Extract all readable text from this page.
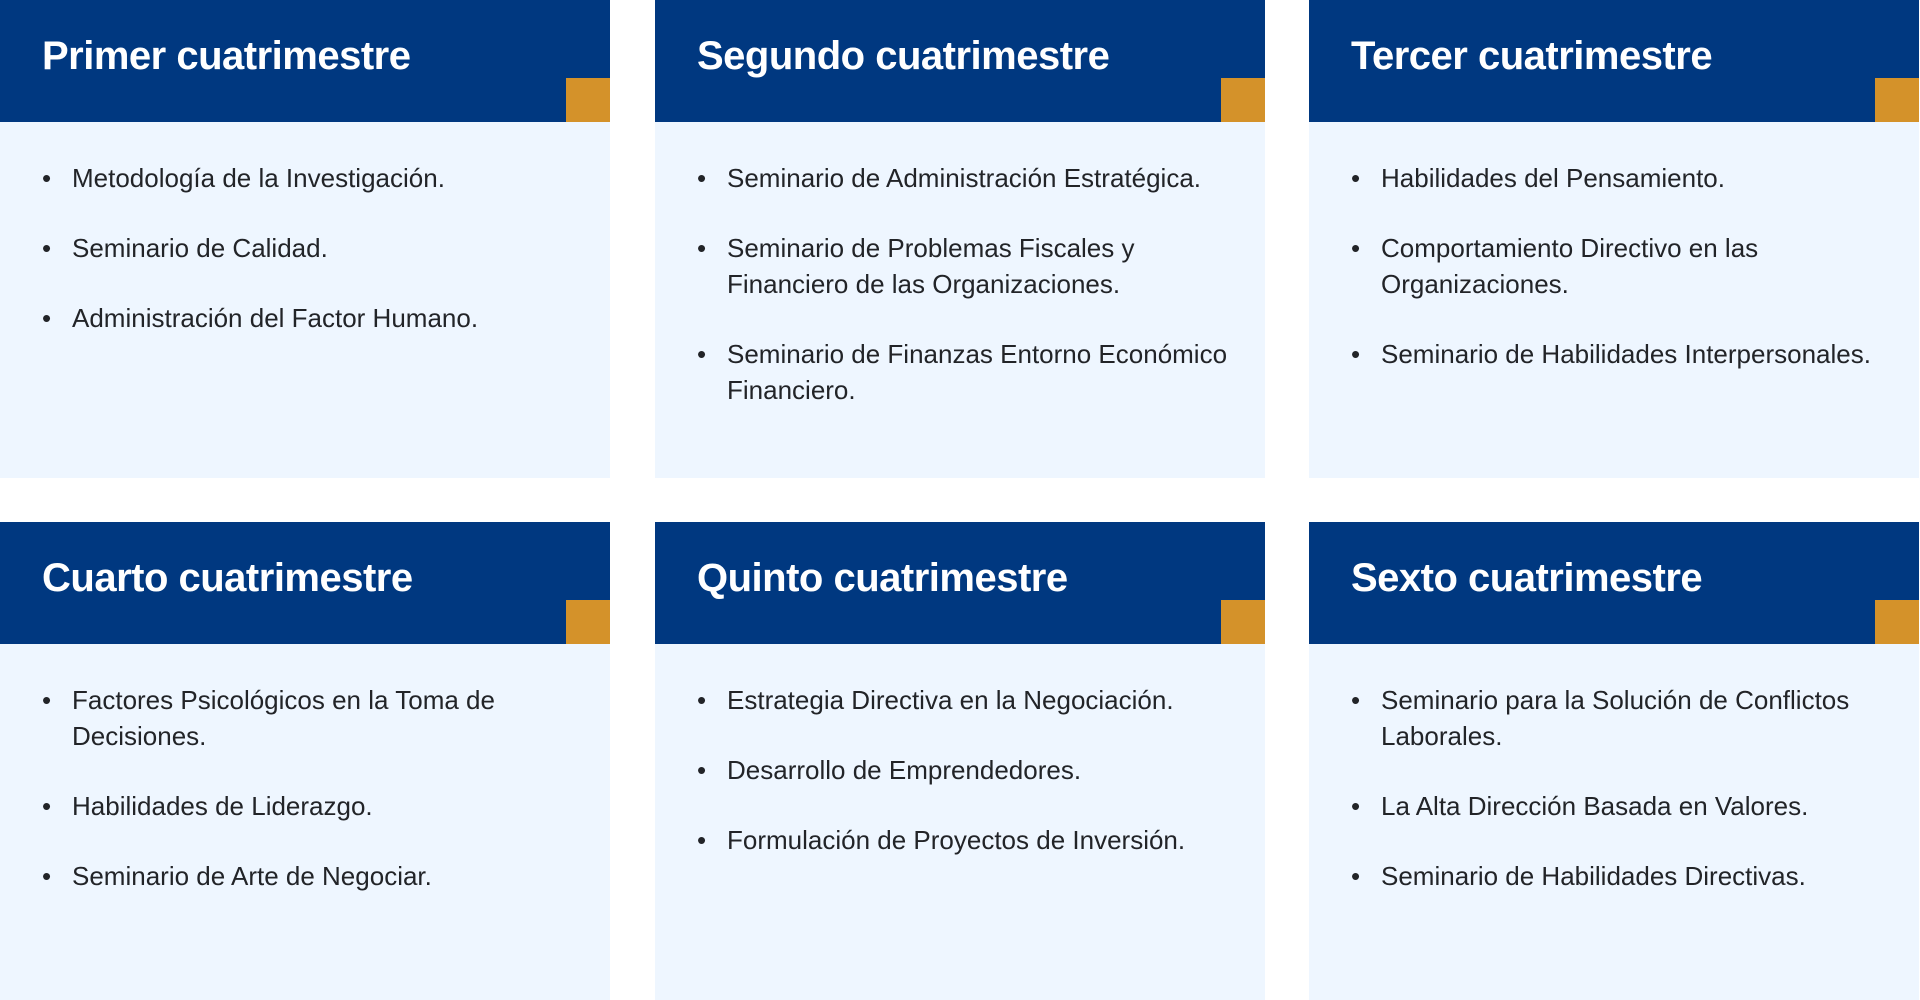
Primer cuatrimestre
• Metodología de la Investigación.
• Seminario de Calidad.
• Administración del Factor Humano.
Segundo cuatrimestre
• Seminario de Administración Estratégica.
• Seminario de Problemas Fiscales y Financiero de las Organizaciones.
• Seminario de Finanzas Entorno Económico Financiero.
Tercer cuatrimestre
• Habilidades del Pensamiento.
• Comportamiento Directivo en las Organizaciones.
• Seminario de Habilidades Interpersonales.
Cuarto cuatrimestre
• Factores Psicológicos en la Toma de Decisiones.
• Habilidades de Liderazgo.
• Seminario de Arte de Negociar.
Quinto cuatrimestre
• Estrategia Directiva en la Negociación.
• Desarrollo de Emprendedores.
• Formulación de Proyectos de Inversión.
Sexto cuatrimestre
• Seminario para la Solución de Conflictos Laborales.
• La Alta Dirección Basada en Valores.
• Seminario de Habilidades Directivas.
